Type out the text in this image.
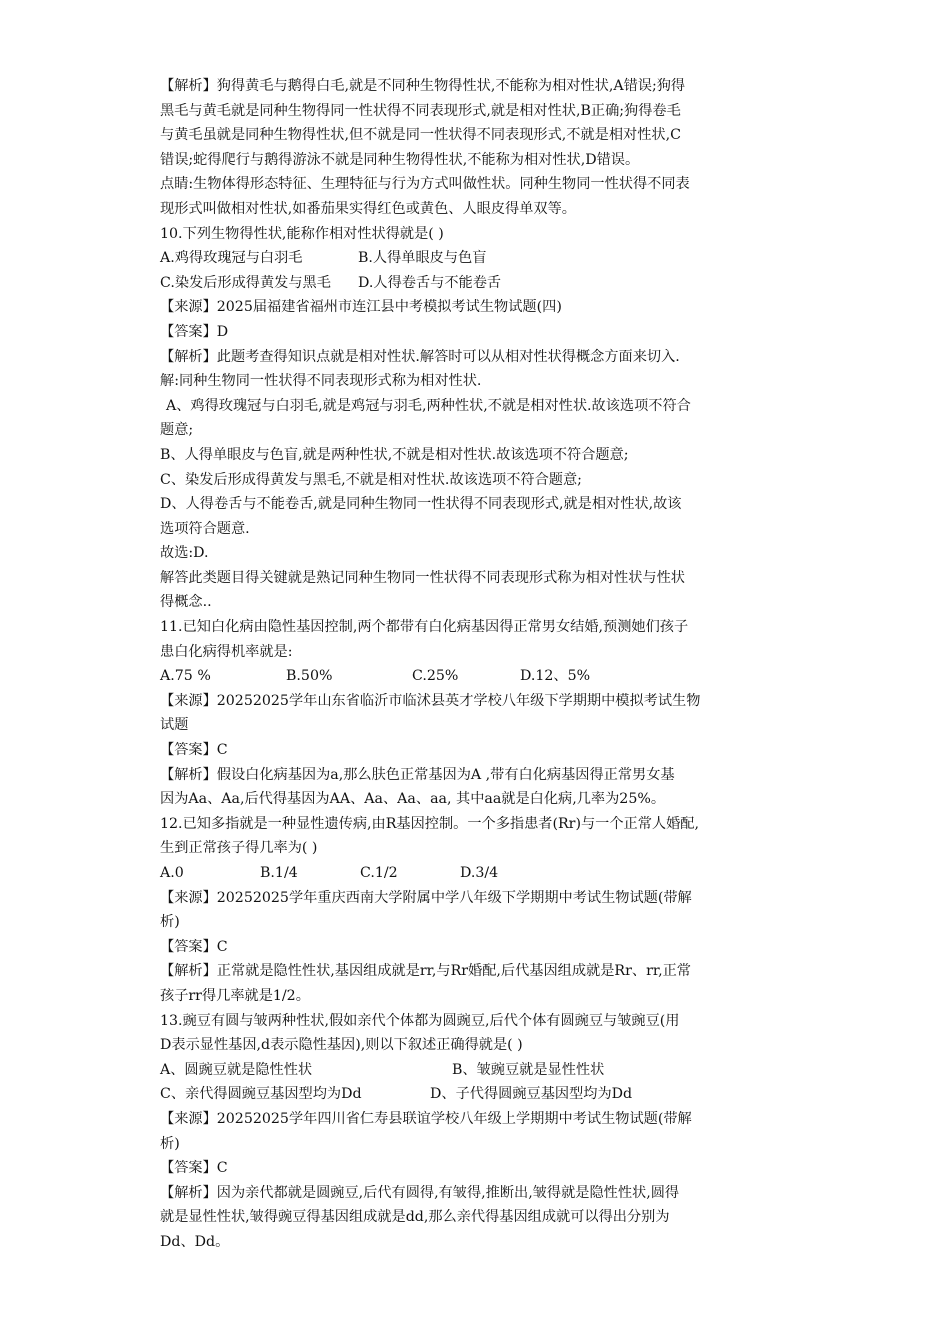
【解析】狗得黄毛与鹅得白毛,就是不同种生物得性状,不能称为相对性状,A错误;狗得
黑毛与黄毛就是同种生物得同一性状得不同表现形式,就是相对性状,B正确;狗得卷毛
与黄毛虽就是同种生物得性状,但不就是同一性状得不同表现形式,不就是相对性状,C
错误;蛇得爬行与鹅得游泳不就是同种生物得性状,不能称为相对性状,D错误。
点睛:生物体得形态特征、生理特征与行为方式叫做性状。同种生物同一性状得不同表
现形式叫做相对性状,如番茄果实得红色或黄色、人眼皮得单双等。
10.下列生物得性状,能称作相对性状得就是( )
A.鸡得玫瑰冠与白羽毛	B.人得单眼皮与色盲
C.染发后形成得黄发与黑毛 D.人得卷舌与不能卷舌
【来源】2025届福建省福州市连江县中考模拟考试生物试题(四)
【答案】D
【解析】此题考查得知识点就是相对性状.解答时可以从相对性状得概念方面来切入.
解:同种生物同一性状得不同表现形式称为相对性状.
A、鸡得玫瑰冠与白羽毛,就是鸡冠与羽毛,两种性状,不就是相对性状.故该选项不符合
题意;
B、人得单眼皮与色盲,就是两种性状,不就是相对性状.故该选项不符合题意;
C、染发后形成得黄发与黑毛,不就是相对性状.故该选项不符合题意;
D、人得卷舌与不能卷舌,就是同种生物同一性状得不同表现形式,就是相对性状,故该
选项符合题意.
故选:D.
解答此类题目得关键就是熟记同种生物同一性状得不同表现形式称为相对性状与性状
得概念..
11.已知白化病由隐性基因控制,两个都带有白化病基因得正常男女结婚,预测她们孩子
患白化病得机率就是:
A.75 %	B.50%	C.25%	D.12、5%
【来源】20252025学年山东省临沂市临沭县英才学校八年级下学期期中模拟考试生物
试题
【答案】C
【解析】假设白化病基因为a,那么肤色正常基因为A ,带有白化病基因得正常男女基
因为Aa、Aa,后代得基因为AA、Aa、Aa、aa, 其中aa就是白化病,几率为25%。
12.已知多指就是一种显性遗传病,由R基因控制。一个多指患者(Rr)与一个正常人婚配,
生到正常孩子得几率为( )
A.0	B.1/4	C.1/2	D.3/4
【来源】20252025学年重庆西南大学附属中学八年级下学期期中考试生物试题(带解
析)
【答案】C
【解析】正常就是隐性性状,基因组成就是rr,与Rr婚配,后代基因组成就是Rr、rr,正常
孩子rr得几率就是1/2。
13.豌豆有圆与皱两种性状,假如亲代个体都为圆豌豆,后代个体有圆豌豆与皱豌豆(用
D表示显性基因,d表示隐性基因),则以下叙述正确得就是( )
A、圆豌豆就是隐性性状	B、皱豌豆就是显性性状
C、亲代得圆豌豆基因型均为Dd	D、子代得圆豌豆基因型均为Dd
【来源】20252025学年四川省仁寿县联谊学校八年级上学期期中考试生物试题(带解
析)
【答案】C
【解析】因为亲代都就是圆豌豆,后代有圆得,有皱得,推断出,皱得就是隐性性状,圆得
就是显性性状,皱得豌豆得基因组成就是dd,那么亲代得基因组成就可以得出分别为
Dd、Dd。
